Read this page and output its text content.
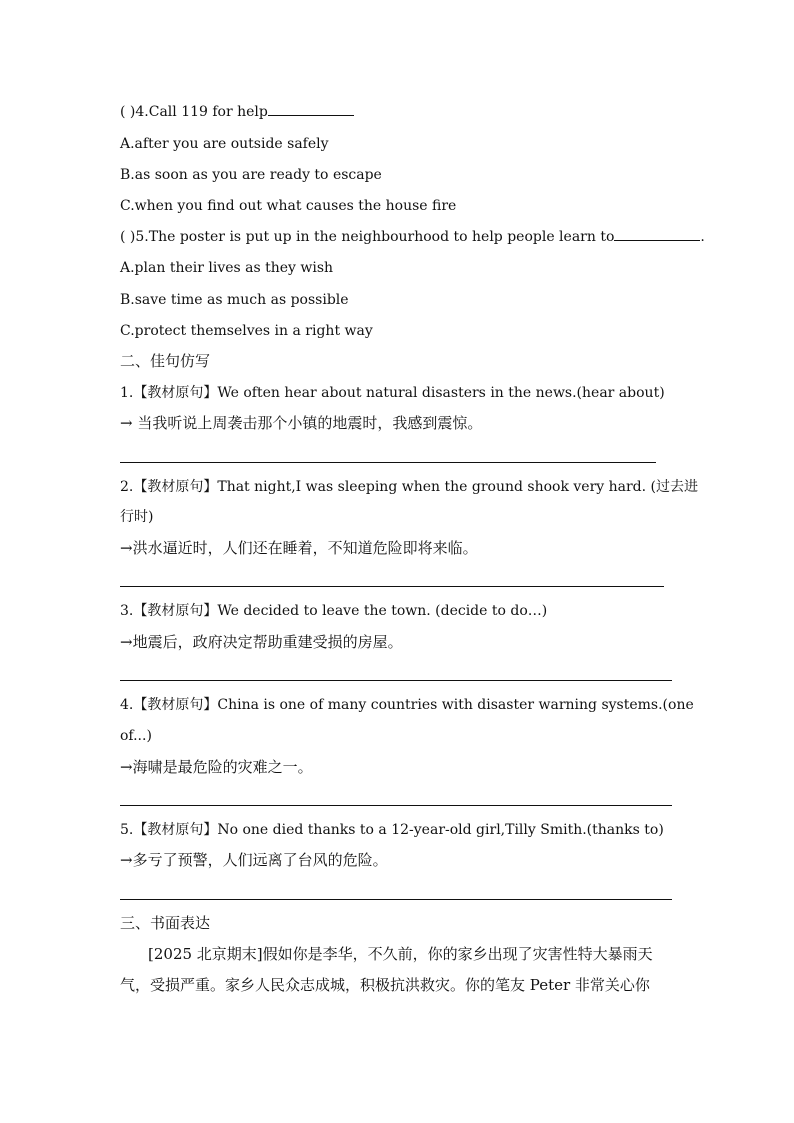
( )4.Call 119 for help
A.after you are outside safely
B.as soon as you are ready to escape
C.when you find out what causes the house fire
( )5.The poster is put up in the neighbourhood to help people learn to	.
A.plan their lives as they wish
B.save time as much as possible
C.protect themselves in a right way
二、佳句仿写
1.【教材原句】We often hear about natural disasters in the news.(hear about)
→ 当我听说上周袭击那个小镇的地震时，我感到震惊。
2.【教材原句】That night,I was sleeping when the ground shook very hard. (过去进
行时)
→洪水逼近时，人们还在睡着，不知道危险即将来临。
3.【教材原句】We decided to leave the town. (decide to do…)
→地震后，政府决定帮助重建受损的房屋。
4.【教材原句】China is one of many countries with disaster warning systems.(one
of...)
→海啸是最危险的灾难之一。
5.【教材原句】No one died thanks to a 12-year-old girl,Tilly Smith.(thanks to)
→多亏了预警，人们远离了台风的危险。
三、书面表达
[2025 北京期末]假如你是李华，不久前，你的家乡出现了灾害性特大暴雨天
气，受损严重。家乡人民众志成城，积极抗洪救灾。你的笔友 Peter 非常关心你
